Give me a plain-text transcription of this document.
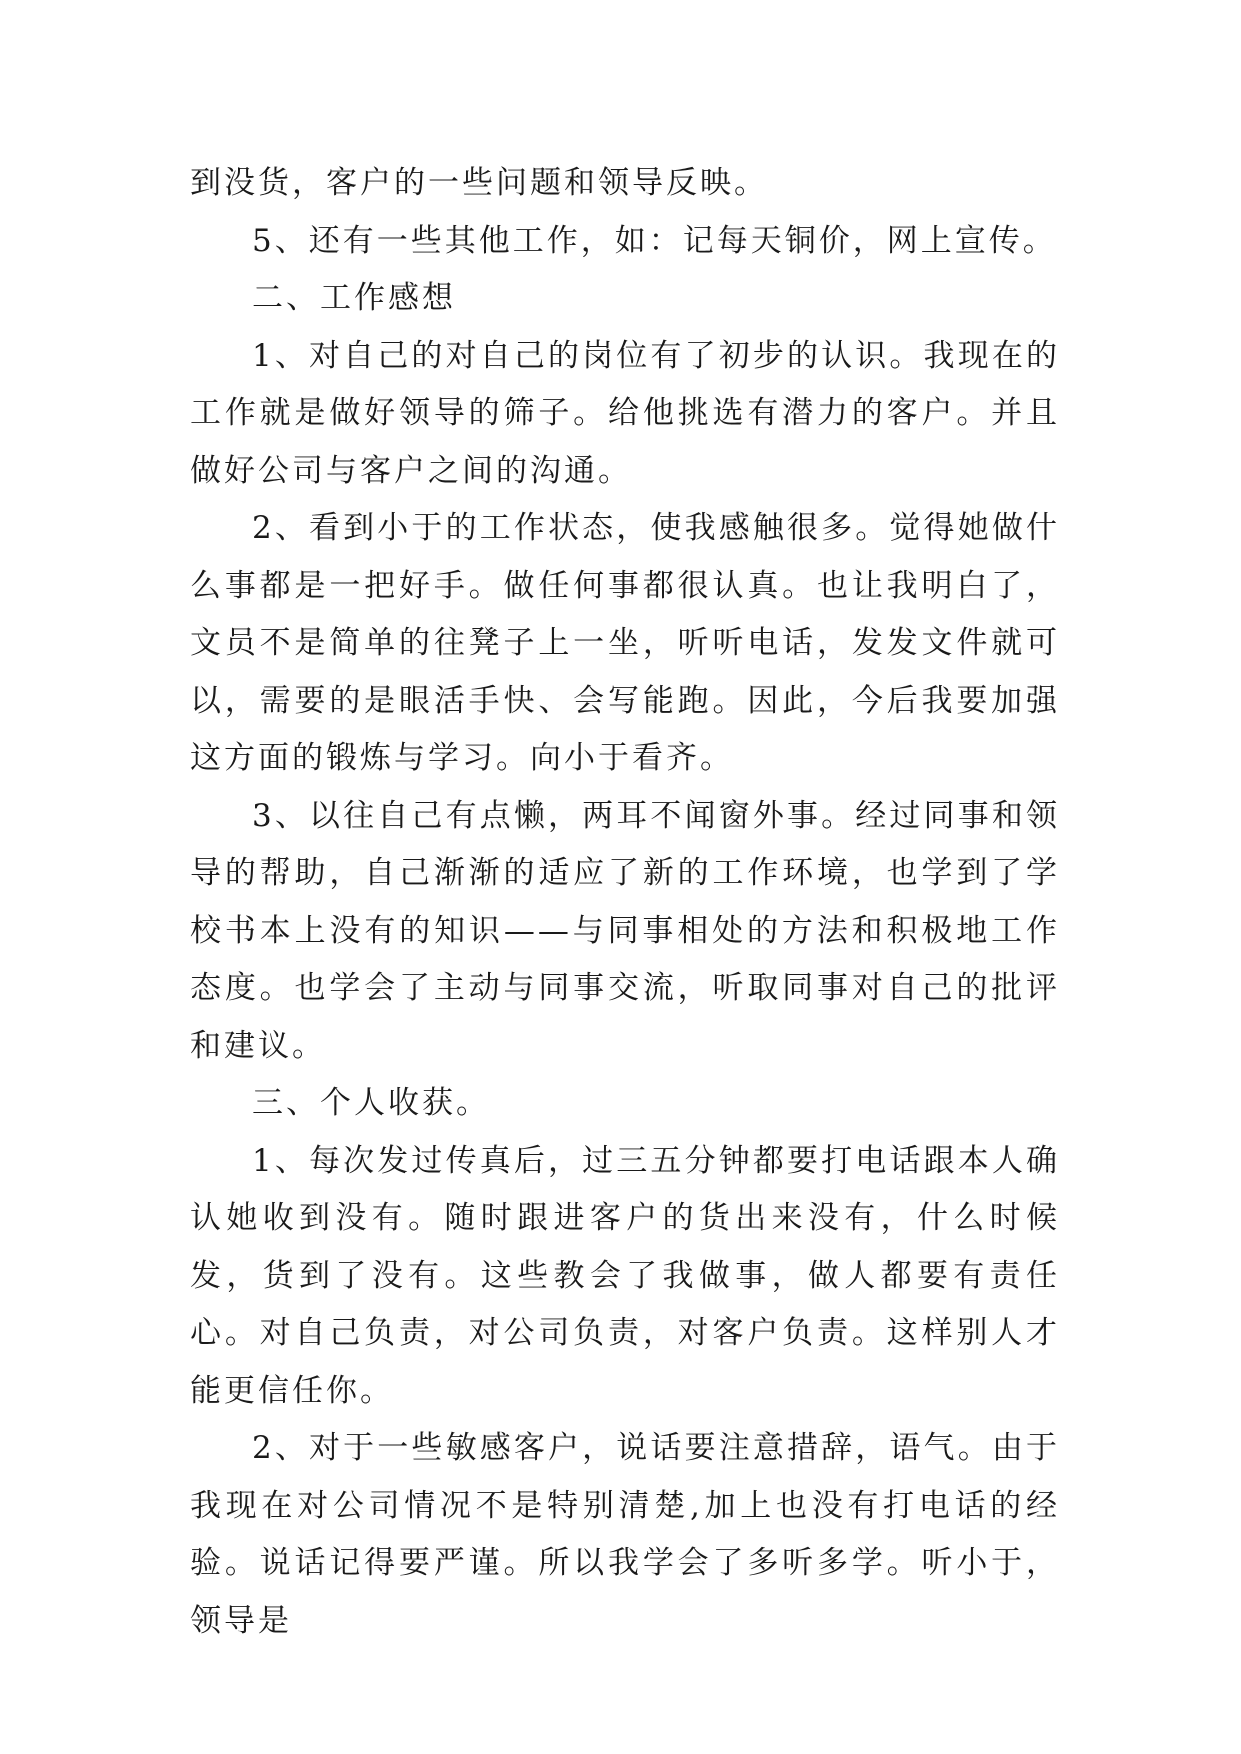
到没货，客户的一些问题和领导反映。

5、还有一些其他工作，如：记每天铜价，网上宣传。

二、工作感想

1、对自己的对自己的岗位有了初步的认识。我现在的工作就是做好领导的筛子。给他挑选有潜力的客户。并且做好公司与客户之间的沟通。

2、看到小于的工作状态，使我感触很多。觉得她做什么事都是一把好手。做任何事都很认真。也让我明白了，文员不是简单的往凳子上一坐，听听电话，发发文件就可以，需要的是眼活手快、会写能跑。因此，今后我要加强这方面的锻炼与学习。向小于看齐。

3、以往自己有点懒，两耳不闻窗外事。经过同事和领导的帮助，自己渐渐的适应了新的工作环境，也学到了学校书本上没有的知识——与同事相处的方法和积极地工作态度。也学会了主动与同事交流，听取同事对自己的批评和建议。

三、个人收获。

1、每次发过传真后，过三五分钟都要打电话跟本人确认她收到没有。随时跟进客户的货出来没有，什么时候发，货到了没有。这些教会了我做事，做人都要有责任心。对自己负责，对公司负责，对客户负责。这样别人才能更信任你。

2、对于一些敏感客户，说话要注意措辞，语气。由于我现在对公司情况不是特别清楚,加上也没有打电话的经验。说话记得要严谨。所以我学会了多听多学。听小于，领导是
